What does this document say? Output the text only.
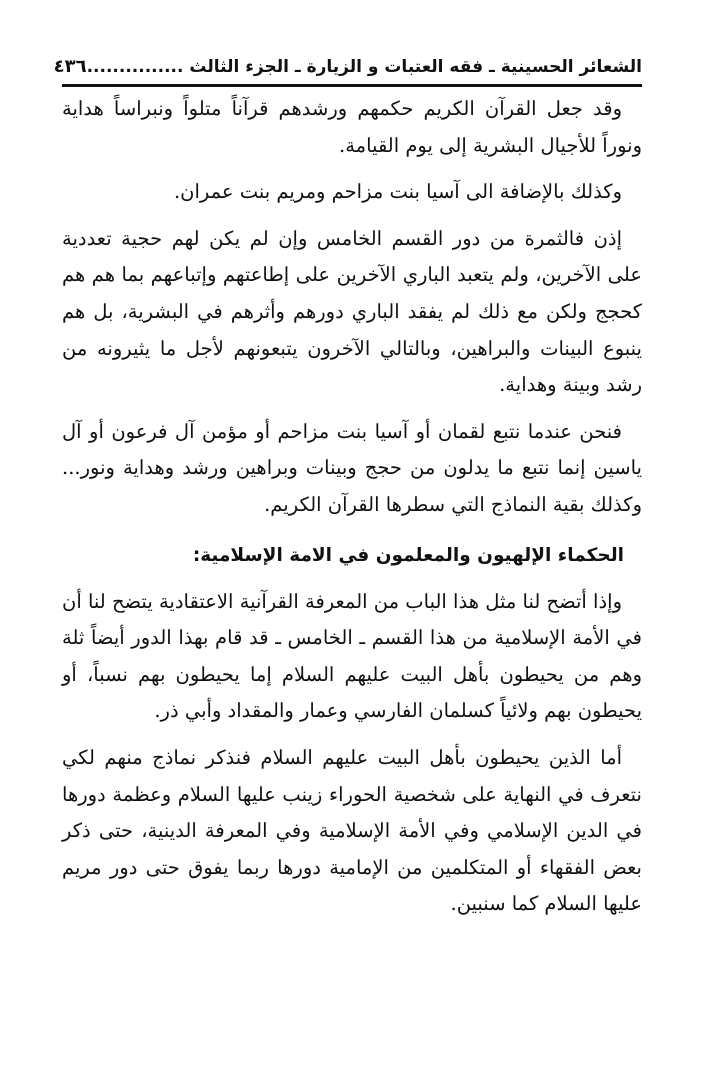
الشعائر الحسينية ـ فقه العتبات و الزيارة ـ الجزء الثالث ...............
٤٣٦

وقد جعل القرآن الكريم حكمهم ورشدهم قرآناً متلواً ونبراساً هداية ونوراً للأجيال البشرية إلى يوم القيامة.

وكذلك بالإضافة الى آسيا بنت مزاحم ومريم بنت عمران.

إذن فالثمرة من دور القسم الخامس وإن لم يكن لهم حجية تعددية على الآخرين، ولم يتعبد الباري الآخرين على إطاعتهم وإتباعهم بما هم هم كحجج ولكن مع ذلك لم يفقد الباري دورهم وأثرهم في البشرية، بل هم ينبوع البينات والبراهين، وبالتالي الآخرون يتبعونهم لأجل ما يثيرونه من رشد وبينة وهداية.

فنحن عندما نتبع لقمان أو آسيا بنت مزاحم أو مؤمن آل فرعون أو آل ياسين إنما نتبع ما يدلون من حجج وبينات وبراهين ورشد وهداية ونور... وكذلك بقية النماذج التي سطرها القرآن الكريم.

الحكماء الإلهيون والمعلمون في الامة الإسلامية:

وإذا أتضح لنا مثل هذا الباب من المعرفة القرآنية الاعتقادية يتضح لنا أن في الأمة الإسلامية من هذا القسم ـ الخامس ـ قد قام بهذا الدور أيضاً ثلة وهم من يحيطون بأهل البيت عليهم السلام إما يحيطون بهم نسباً، أو يحيطون بهم ولائياً كسلمان الفارسي وعمار والمقداد وأبي ذر.

أما الذين يحيطون بأهل البيت عليهم السلام فنذكر نماذج منهم لكي نتعرف في النهاية على شخصية الحوراء زينب عليها السلام وعظمة دورها في الدين الإسلامي وفي الأمة الإسلامية وفي المعرفة الدينية، حتى ذكر بعض الفقهاء أو المتكلمين من الإمامية دورها ربما يفوق حتى دور مريم عليها السلام كما سنبين.
